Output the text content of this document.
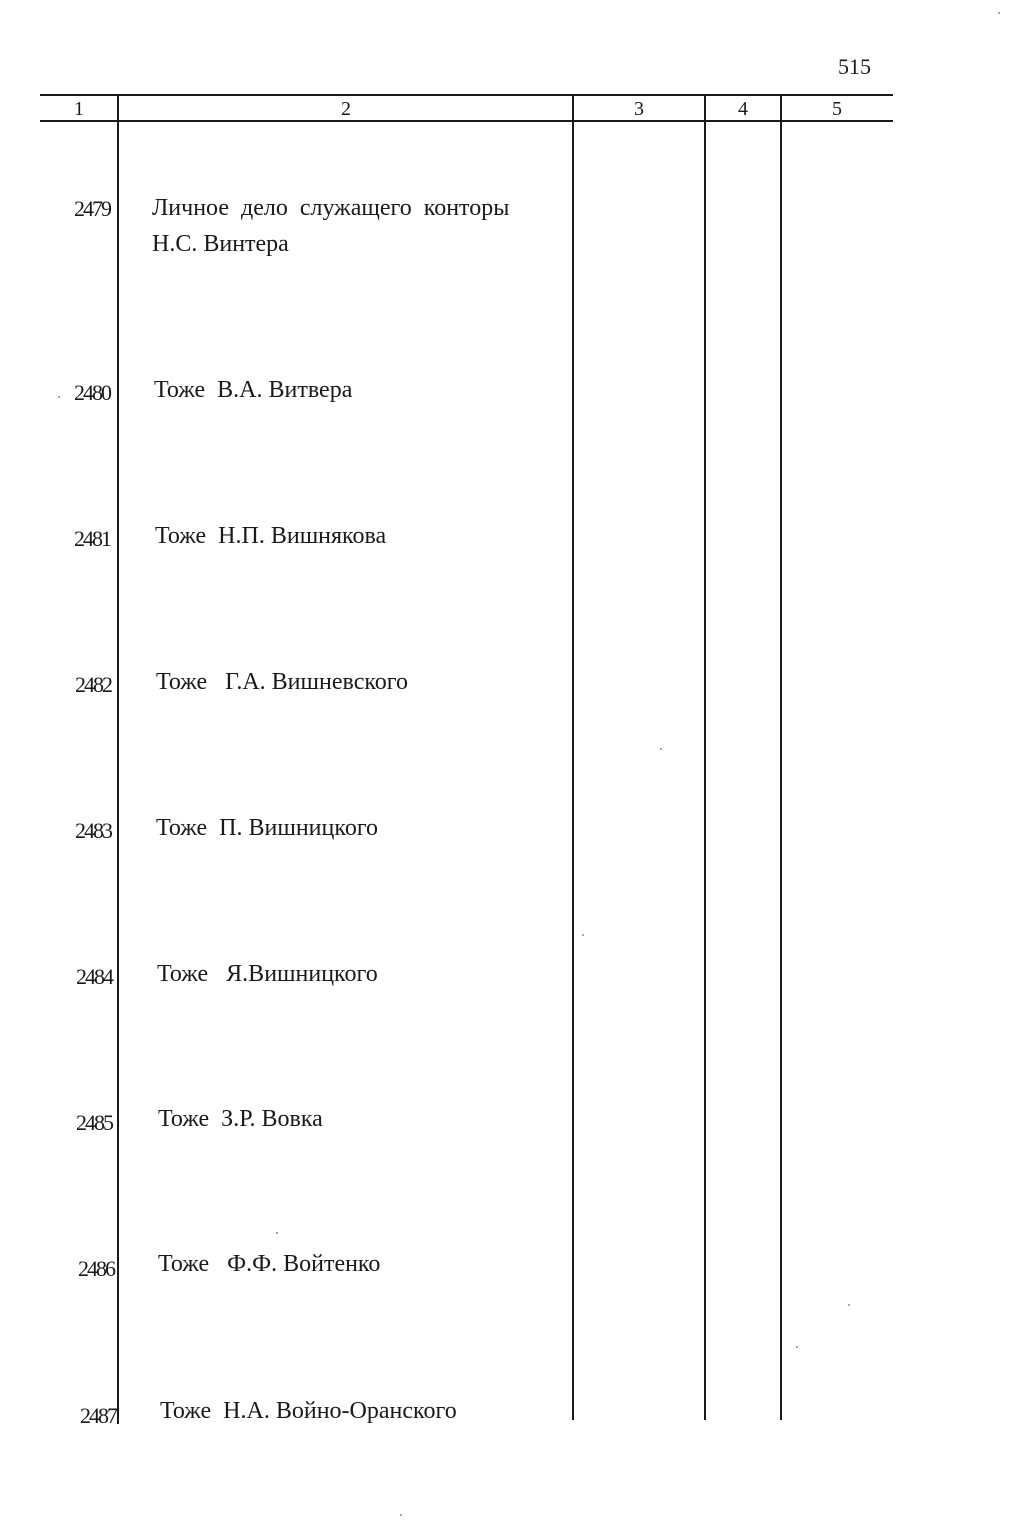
515
1	2	3	4	5
2479 Личное дело служащего конторы
Н.С. Винтера
2480 Тоже  В.А. Витвера
2481 Тоже  Н.П. Вишнякова
2482 Тоже   Г.А. Вишневского
2483 Тоже  П. Вишницкого
2484 Тоже   Я.Вишницкого
2485 Тоже  З.Р. Вовка
2486 Тоже   Ф.Ф. Войтенко
2487 Тоже  Н.А. Войно-Оранского
